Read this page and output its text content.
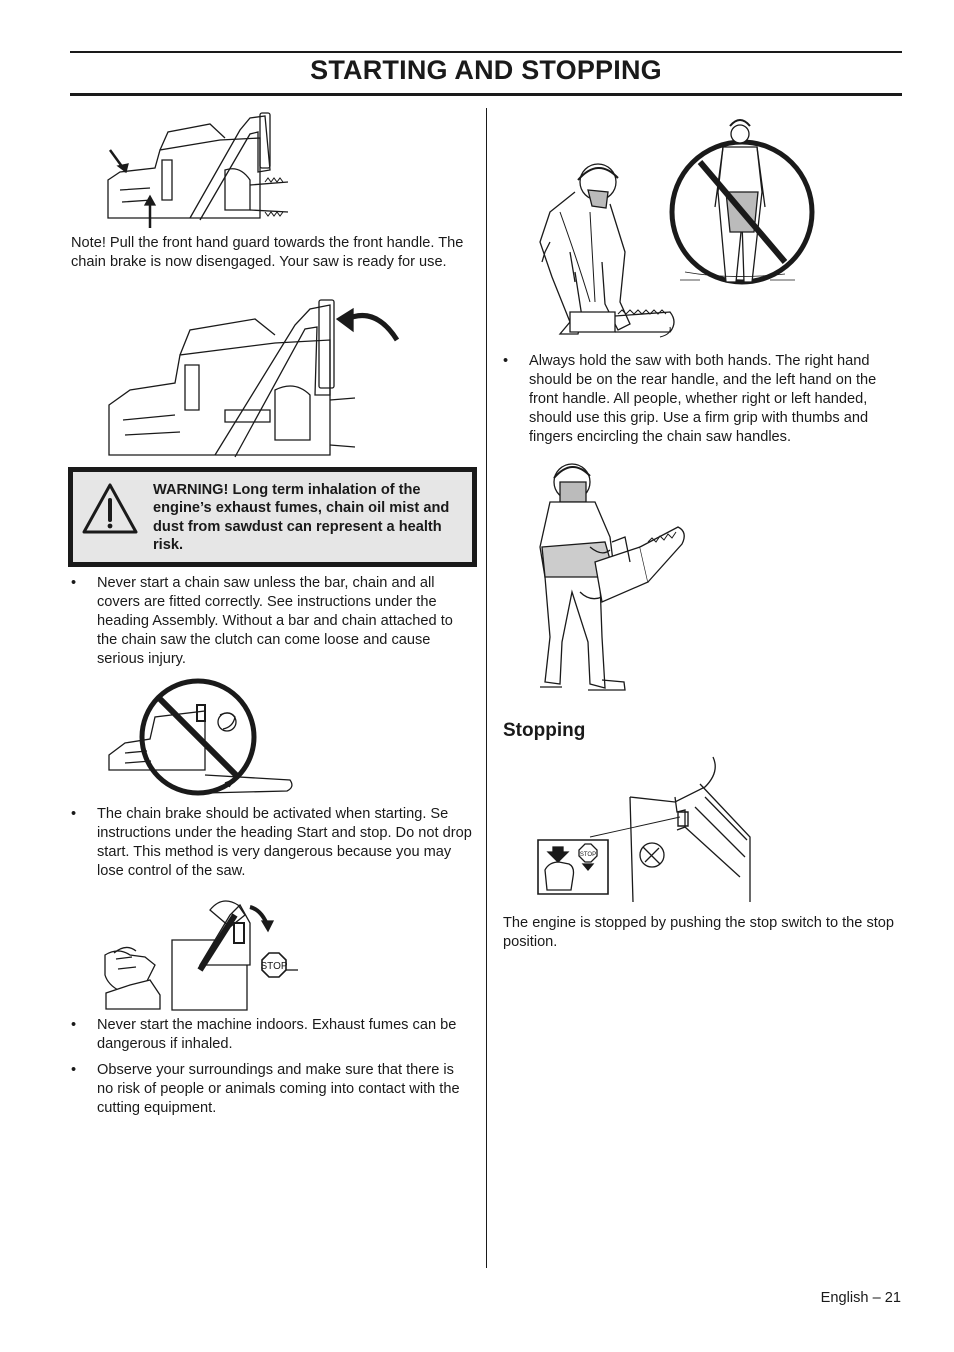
STARTING AND STOPPING

Note! Pull the front hand guard towards the front handle. The chain brake is now disengaged. Your saw is ready for use.

WARNING! Long term inhalation of the engine’s exhaust fumes, chain oil mist and dust from sawdust can represent a health risk.

• Never start a chain saw unless the bar, chain and all covers are fitted correctly. See instructions under the heading Assembly. Without a bar and chain attached to the chain saw the clutch can come loose and cause serious injury.

• The chain brake should be activated when starting. Se instructions under the heading Start and stop. Do not drop start. This method is very dangerous because you may lose control of the saw.

STOP
• Never start the machine indoors. Exhaust fumes can be dangerous if inhaled.

• Observe your surroundings and make sure that there is no risk of people or animals coming into contact with the cutting equipment.

• Always hold the saw with both hands. The right hand should be on the rear handle, and the left hand on the front handle. All people, whether right or left handed, should use this grip. Use a firm grip with thumbs and fingers encircling the chain saw handles.

Stopping
STOP

The engine is stopped by pushing the stop switch to the stop position.

English – 21
